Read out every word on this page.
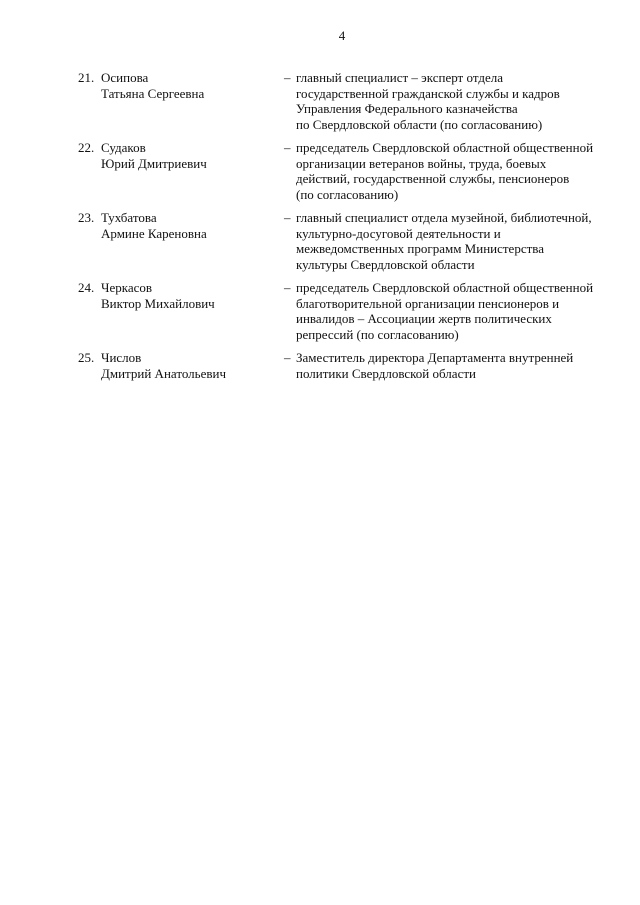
4
21. Осипова
Татьяна Сергеевна
– главный специалист – эксперт отдела
государственной гражданской службы и кадров
Управления Федерального казначейства
по Свердловской области (по согласованию)
22. Судаков
Юрий Дмитриевич
– председатель Свердловской областной общественной
организации ветеранов войны, труда, боевых
действий, государственной службы, пенсионеров
(по согласованию)
23. Тухбатова
Армине Кареновна
– главный специалист отдела музейной, библиотечной,
культурно-досуговой деятельности и
межведомственных программ Министерства
культуры Свердловской области
24. Черкасов
Виктор Михайлович
– председатель Свердловской областной общественной
благотворительной организации пенсионеров и
инвалидов – Ассоциации жертв политических
репрессий (по согласованию)
25. Числов
Дмитрий Анатольевич
– Заместитель директора Департамента внутренней
политики Свердловской области
